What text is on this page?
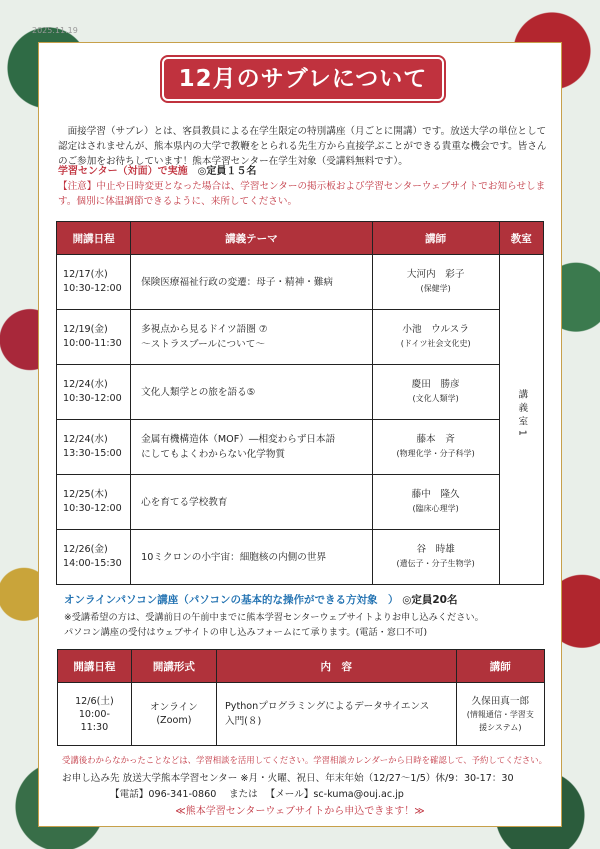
2025.11.19
12月のサブレについて
　面接学習（サブレ）とは、客員教員による在学生限定の特別講座（月ごとに開講）です。放送大学の単位として認定はされませんが、熊本県内の大学で教鞭をとられる先生方から直接学ぶことができる貴重な機会です。皆さんのご参加をお待ちしています！熊本学習センター在学生対象（受講料無料です）。
学習センター（対面）で実施　 ◎定員１５名
【注意】中止や日時変更となった場合は、学習センターの掲示板および学習センターウェブサイトでお知らせします。個別に体温調節できるように、来所してください。
開講日程	講義テーマ	講師	教室
12/17(水)
10:30-12:00	保険医療福祉行政の変遷：母子・精神・難病	大河内　彩子
(保健学)	講義室1
12/19(金)
10:00-11:30	多視点から見るドイツ語圏 ⑦
～ストラスブールについて～	小池　ウルスラ
(ドイツ社会文化史)	
12/24(水)
10:30-12:00	文化人類学との旅を語る⑤	慶田　勝彦
(文化人類学)	
12/24(水)
13:30-15:00	金属有機構造体（MOF）―相変わらず日本語
にしてもよくわからない化学物質	藤本　斉
(物理化学・分子科学)	
12/25(木)
10:30-12:00	心を育てる学校教育	藤中　隆久
(臨床心理学)	
12/26(金)
14:00-15:30	10ミクロンの小宇宙：細胞核の内側の世界	谷　時雄
(遺伝子・分子生物学)	
オンラインパソコン講座（パソコンの基本的な操作ができる方対象　） ◎定員20名
※受講希望の方は、受講前日の午前中までに熊本学習センターウェブサイトよりお申し込みください。
パソコン講座の受付はウェブサイトの申し込みフォームにて承ります。(電話・窓口不可)
開講日程	開講形式	内　容	講師
12/6(土)
10:00-
11:30	オンライン
(Zoom)	Pythonプログラミングによるデータサイエンス
入門(８)	久保田真一郎
(情報通信・学習支
援システム)
受講後わからなかったことなどは、学習相談を活用してください。学習相談カレンダーから日時を確認して、予約してください。
お申し込み先 放送大学熊本学習センター ※月・火曜、祝日、年末年始（12/27～1/5）休/9：30-17：30
【電話】096-341-0860　 または 　【メール】sc-kuma@ouj.ac.jp
≪熊本学習センターウェブサイトから申込できます！≫
